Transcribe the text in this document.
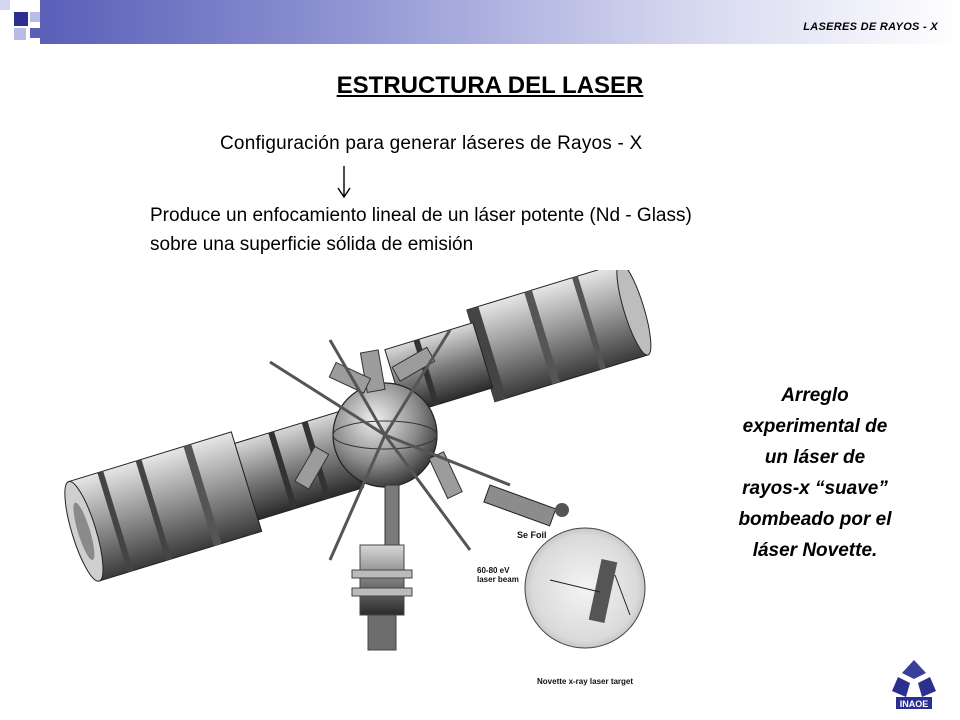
LASERES DE RAYOS - X
ESTRUCTURA DEL LASER
Configuración para generar láseres de Rayos - X
Produce un enfocamiento lineal de un láser potente (Nd - Glass)
sobre una superficie sólida de emisión
Se Foil
60-80 eV
laser beam
Novette x-ray laser target
Arreglo
experimental de
un láser de
rayos-x “suave”
bombeado por el
láser Novette.
INAOE
